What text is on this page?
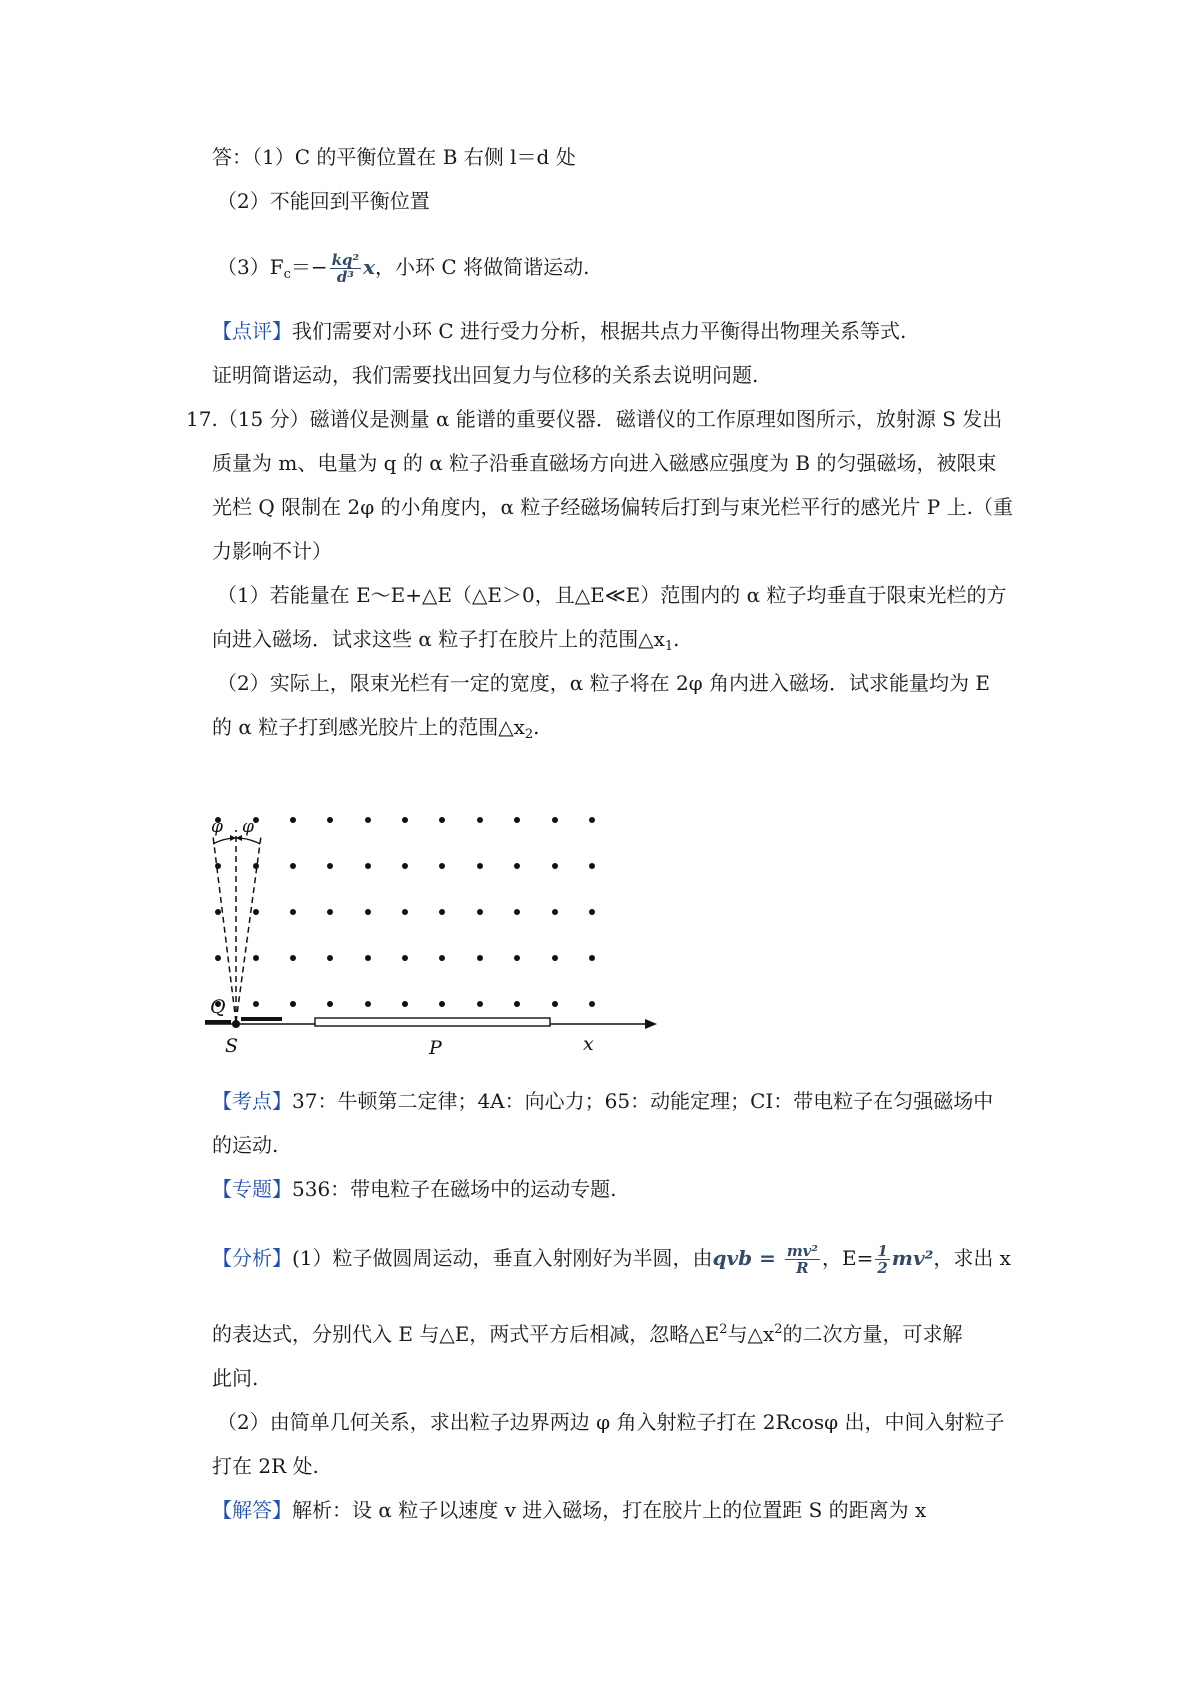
答：（1）C 的平衡位置在 B 右侧 l＝d 处
（2）不能回到平衡位置
$(3)F_c=- \frac{\text{kq²}}{\text{d³}}$ x，小环 C 将做简谐运动.
【点评】我们需要对小环 C 进行受力分析，根据共点力平衡得出物理关系等式.
证明简谐运动，我们需要找出回复力与位移的关系去说明问题.
17.（15 分）磁谱仪是测量 α 能谱的重要仪器．磁谱仪的工作原理如图所示，放射源 S 发出
质量为 m、电量为 q 的 α 粒子沿垂直磁场方向进入磁感应强度为 B 的匀强磁场，被限束
光栏 Q 限制在 2φ 的小角度内，α 粒子经磁场偏转后打到与束光栏平行的感光片 P 上.（重
力影响不计）
（1）若能量在 E～E+△E（△E＞0，且△E≪E）范围内的 α 粒子均垂直于限束光栏的方
向进入磁场．试求这些 α 粒子打在胶片上的范围$\triangle x_1$.
（2）实际上，限束光栏有一定的宽度，α 粒子将在 2φ 角内进入磁场．试求能量均为 E
的 α 粒子打到感光胶片上的范围$\triangle x_2$.
φ φ
Q
S	P	x
【考点】37：牛顿第二定律；4A：向心力；65：动能定理；CI：带电粒子在匀强磁场中
的运动.
【专题】536：带电粒子在磁场中的运动专题.
【分析】(1）粒子做圆周运动，垂直入射刚好为半圆，由qvb = $\frac{\text{mv²}}{R}$ ，$E= \frac{1}{2} mv^2$，求出 x
的表达式，分别代入 E 与△E，两式平方后相减，忽略$\triangle E^2$与$\triangle x^2$的二次方量，可求解
此问.
（2）由简单几何关系，求出粒子边界两边 φ 角入射粒子打在 2Rcosφ 出，中间入射粒子
打在 2R 处.
【解答】解析：设 α 粒子以速度 v 进入磁场，打在胶片上的位置距 S 的距离为 x
